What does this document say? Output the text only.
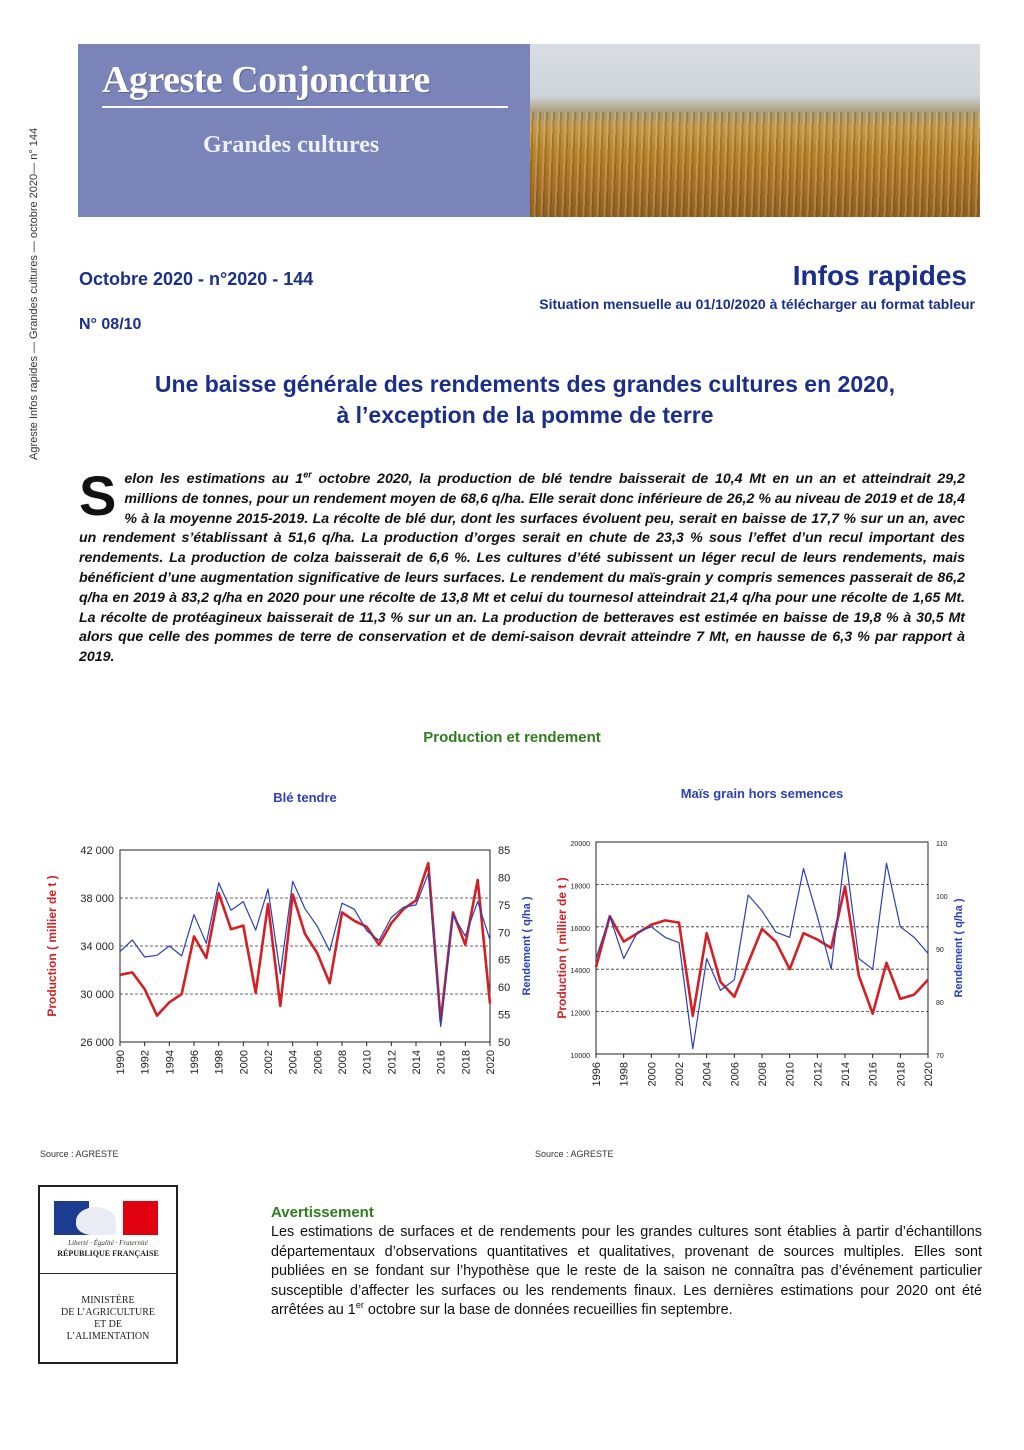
Agreste Infos rapides — Grandes cultures — octobre 2020— n° 144
Agreste Conjoncture
Grandes cultures
Octobre 2020 - n°2020 - 144
N° 08/10
Infos rapides
Situation mensuelle au 01/10/2020 à télécharger au format tableur
Une baisse générale des rendements des grandes cultures en 2020,
à l’exception de la pomme de terre
Selon les estimations au 1er octobre 2020, la production de blé tendre baisserait de 10,4 Mt en un an et atteindrait 29,2 millions de tonnes, pour un rendement moyen de 68,6 q/ha. Elle serait donc inférieure de 26,2 % au niveau de 2019 et de 18,4 % à la moyenne 2015-2019. La récolte de blé dur, dont les surfaces évoluent peu, serait en baisse de 17,7 % sur un an, avec un rendement s’établissant à 51,6 q/ha. La production d’orges serait en chute de 23,3 % sous l’effet d’un recul important des rendements. La production de colza baisserait de 6,6 %. Les cultures d’été subissent un léger recul de leurs rendements, mais bénéficient d’une augmentation significative de leurs surfaces. Le rendement du maïs-grain y compris semences passerait de 86,2 q/ha en 2019 à 83,2 q/ha en 2020 pour une récolte de 13,8 Mt et celui du tournesol atteindrait 21,4 q/ha pour une récolte de 1,65 Mt. La récolte de protéagineux baisserait de 11,3 % sur un an. La production de betteraves est estimée en baisse de 19,8 % à 30,5 Mt alors que celle des pommes de terre de conservation et de demi-saison devrait atteindre 7 Mt, en hausse de 6,3 % par rapport à 2019.
Production et rendement
Blé tendre
26 000
30 000
34 000
38 000
42 000
50
55
60
65
70
75
80
85
1990 1992 1994 1996 1998 2000 2002 2004 2006 2008 2010 2012 2014 2016 2018 2020
Production ( millier de t )	Rendement ( q/ha )
Maïs grain hors semences
10000
12000
14000
16000
18000
20000
70
80
90
100
110
1996 1998 2000 2002 2004 2006 2008 2010 2012 2014 2016 2018 2020
Production ( millier de t )	Rendement ( q/ha )
Source : AGRESTE	Source : AGRESTE
Liberté · Égalité · Fraternité
RÉPUBLIQUE FRANÇAISE
MINISTÈRE
DE L’AGRICULTURE
ET DE
L’ALIMENTATION
Avertissement
Les estimations de surfaces et de rendements pour les grandes cultures sont établies à partir d’échantillons départementaux d’observations quantitatives et qualitatives, provenant de sources multiples. Elles sont publiées en se fondant sur l’hypothèse que le reste de la saison ne connaîtra pas d’événement particulier susceptible d’affecter les surfaces ou les rendements finaux. Les dernières estimations pour 2020 ont été arrêtées au 1er octobre sur la base de données recueillies fin septembre.
